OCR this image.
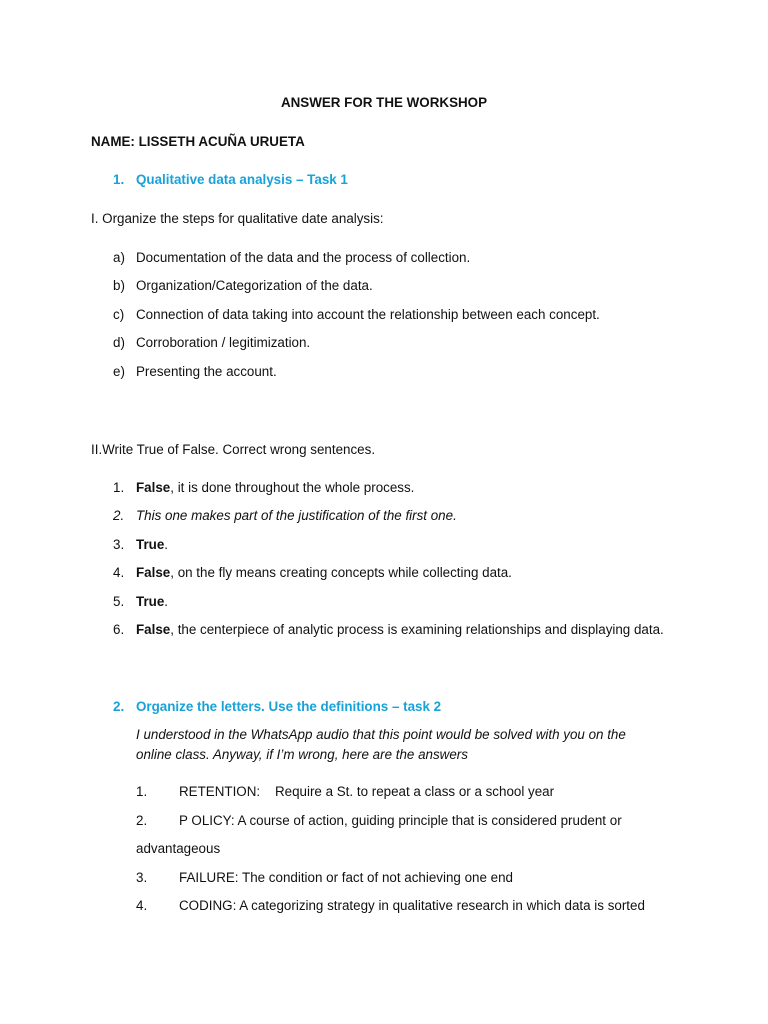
ANSWER FOR THE WORKSHOP
NAME: LISSETH ACUÑA URUETA
1. Qualitative data analysis – Task 1
I. Organize the steps for qualitative date analysis:
a) Documentation of the data and the process of collection.
b) Organization/Categorization of the data.
c) Connection of data taking into account the relationship between each concept.
d) Corroboration / legitimization.
e) Presenting the account.
II.Write True of False. Correct wrong sentences.
1. False, it is done throughout the whole process.
2. This one makes part of the justification of the first one.
3. True.
4. False, on the fly means creating concepts while collecting data.
5. True.
6. False, the centerpiece of analytic process is examining relationships and displaying data.
2. Organize the letters. Use the definitions – task 2
I understood in the WhatsApp audio that this point would be solved with you on the
online class. Anyway, if I’m wrong, here are the answers
1. RETENTION:    Require a St. to repeat a class or a school year
2. P OLICY: A course of action, guiding principle that is considered prudent or
advantageous
3. FAILURE: The condition or fact of not achieving one end
4. CODING: A categorizing strategy in qualitative research in which data is sorted
